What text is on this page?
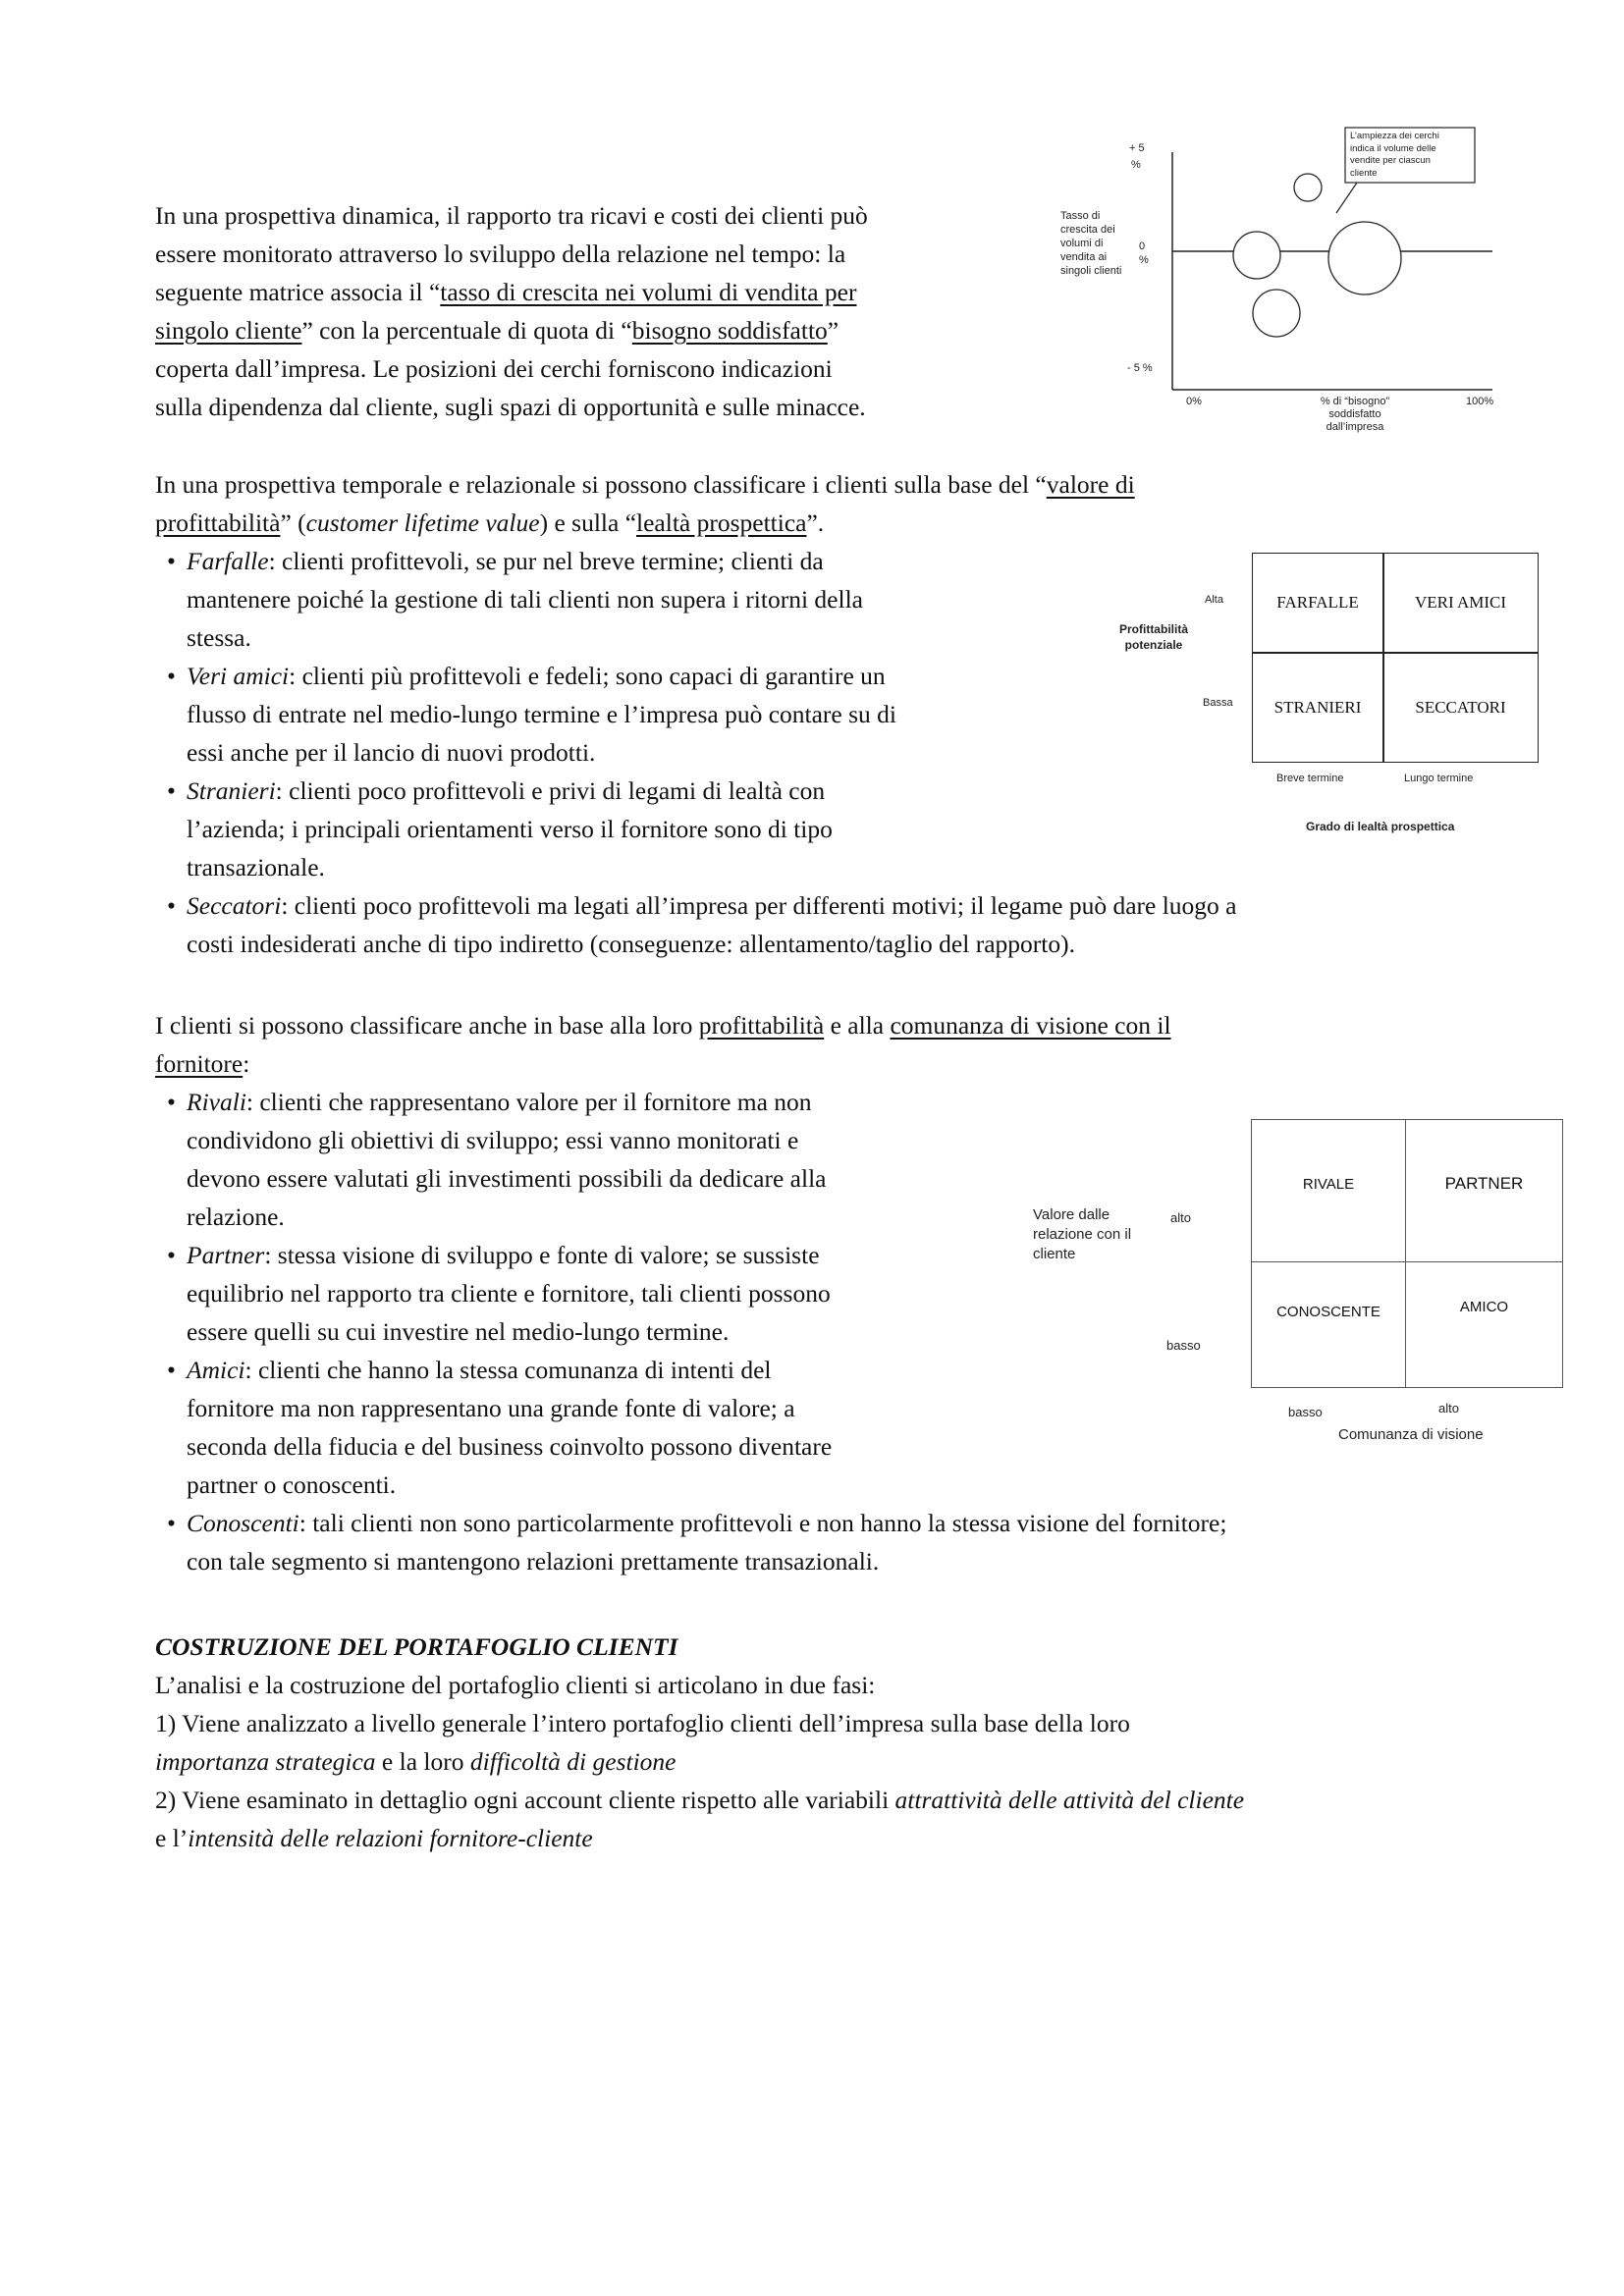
In una prospettiva dinamica, il rapporto tra ricavi e costi dei clienti può
essere monitorato attraverso lo sviluppo della relazione nel tempo: la
seguente matrice associa il “tasso di crescita nei volumi di vendita per
singolo cliente” con la percentuale di quota di “bisogno soddisfatto”
coperta dall’impresa. Le posizioni dei cerchi forniscono indicazioni
sulla dipendenza dal cliente, sugli spazi di opportunità e sulle minacce.
+ 5
%
Tasso di
crescita dei
volumi di
vendita ai
singoli clienti
0
%
- 5 %
0%	% di “bisogno”
soddisfatto
dall’impresa
100%
L’ampiezza dei cerchi
indica il volume delle
vendite per ciascun
cliente
In una prospettiva temporale e relazionale si possono classificare i clienti sulla base del “valore di
profittabilità” (customer lifetime value) e sulla “lealtà prospettica”.
• Farfalle: clienti profittevoli, se pur nel breve termine; clienti da
mantenere poiché la gestione di tali clienti non supera i ritorni della
stessa.
• Veri amici: clienti più profittevoli e fedeli; sono capaci di garantire un
flusso di entrate nel medio-lungo termine e l’impresa può contare su di
essi anche per il lancio di nuovi prodotti.
• Stranieri: clienti poco profittevoli e privi di legami di lealtà con
l’azienda; i principali orientamenti verso il fornitore sono di tipo
transazionale.
• Seccatori: clienti poco profittevoli ma legati all’impresa per differenti motivi; il legame può dare luogo a
costi indesiderati anche di tipo indiretto (conseguenze: allentamento/taglio del rapporto).
Profittabilità
potenziale
Alta
Bassa
FARFALLE	VERI AMICI
STRANIERI	SECCATORI
Breve termine	Lungo termine
Grado di lealtà prospettica
I clienti si possono classificare anche in base alla loro profittabilità e alla comunanza di visione con il
fornitore:
• Rivali: clienti che rappresentano valore per il fornitore ma non
condividono gli obiettivi di sviluppo; essi vanno monitorati e
devono essere valutati gli investimenti possibili da dedicare alla
relazione.
• Partner: stessa visione di sviluppo e fonte di valore; se sussiste
equilibrio nel rapporto tra cliente e fornitore, tali clienti possono
essere quelli su cui investire nel medio-lungo termine.
• Amici: clienti che hanno la stessa comunanza di intenti del
fornitore ma non rappresentano una grande fonte di valore; a
seconda della fiducia e del business coinvolto possono diventare
partner o conoscenti.
• Conoscenti: tali clienti non sono particolarmente profittevoli e non hanno la stessa visione del fornitore;
con tale segmento si mantengono relazioni prettamente transazionali.
Valore dalle
relazione con il
cliente
alto
basso
RIVALE	PARTNER
CONOSCENTE	AMICO
basso	alto
Comunanza di visione
COSTRUZIONE DEL PORTAFOGLIO CLIENTI
L’analisi e la costruzione del portafoglio clienti si articolano in due fasi:
1) Viene analizzato a livello generale l’intero portafoglio clienti dell’impresa sulla base della loro
importanza strategica e la loro difficoltà di gestione
2) Viene esaminato in dettaglio ogni account cliente rispetto alle variabili attrattività delle attività del cliente
e l’intensità delle relazioni fornitore-cliente
